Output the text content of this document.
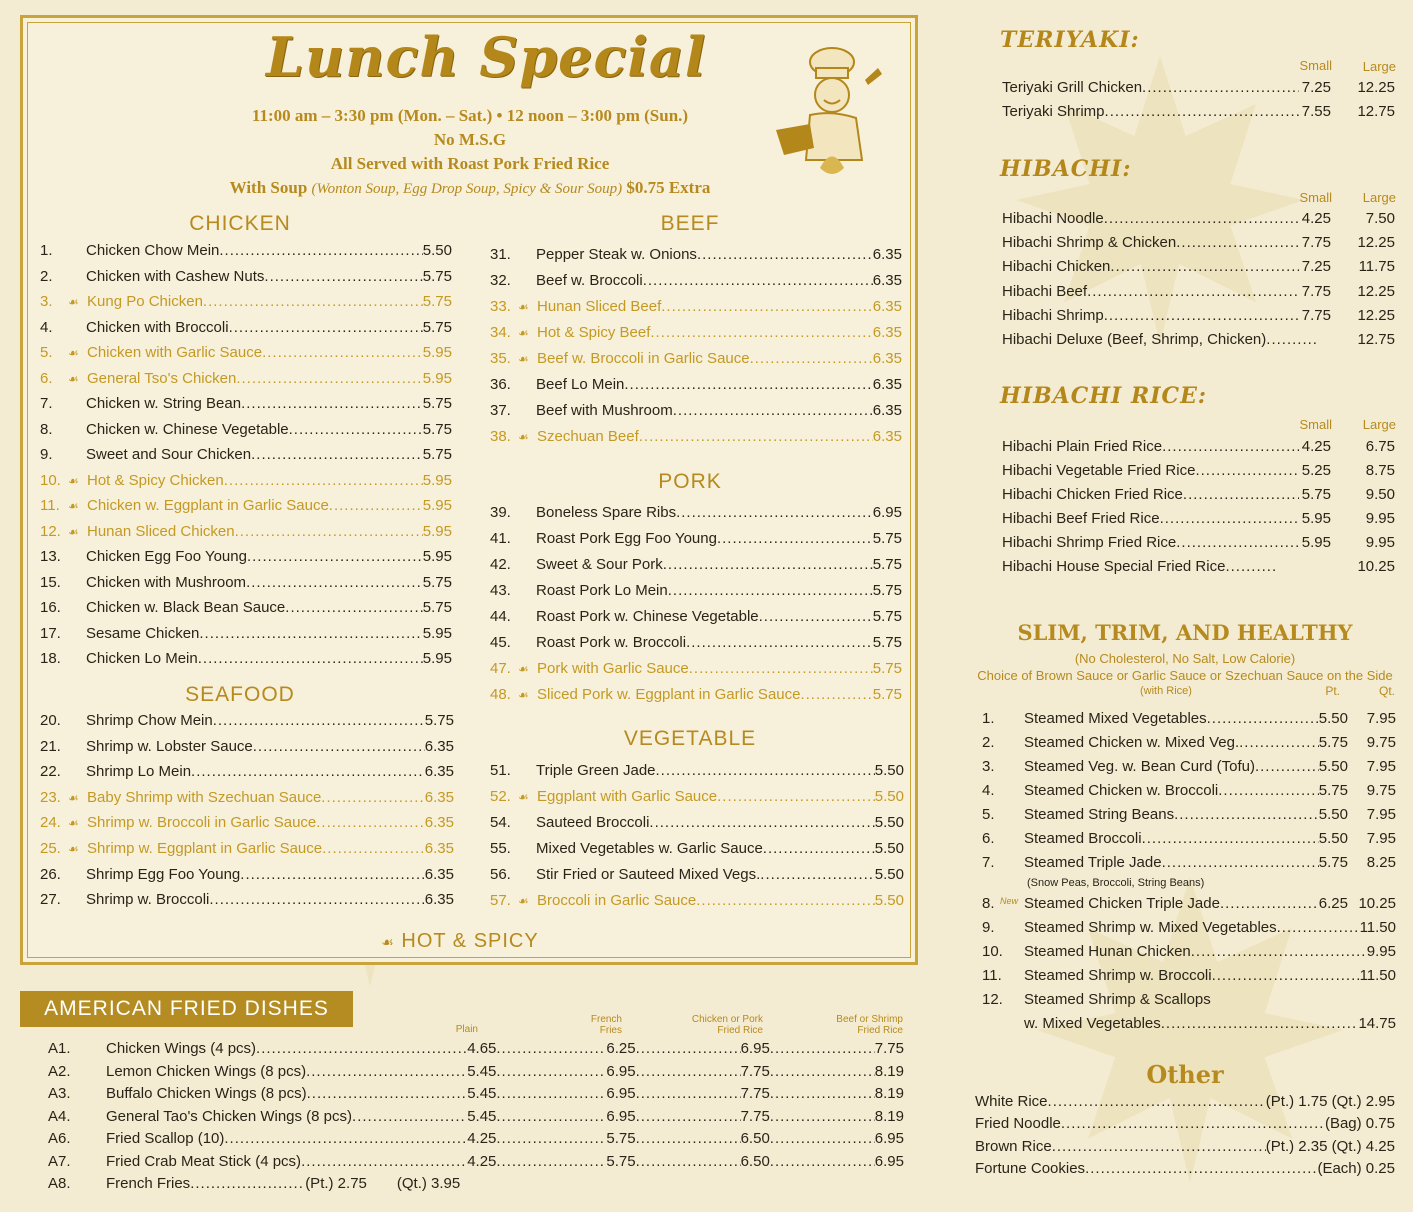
Lunch Special
11:00 am – 3:30 pm (Mon. – Sat.) • 12 noon – 3:00 pm (Sun.)
No M.S.G
All Served with Roast Pork Fried Rice
With Soup (Wonton Soup, Egg Drop Soup, Spicy & Sour Soup) $0.75 Extra
CHICKEN
SEAFOOD
BEEF
PORK
VEGETABLE
1.	Chicken Chow Mein .....	5.50
2.	Chicken with Cashew Nuts .....	5.75
3.	☙ Kung Po Chicken .....	5.75
4.	Chicken with Broccoli .....	5.75
5.	☙ Chicken with Garlic Sauce .....	5.95
6.	☙ General Tso's Chicken .....	5.95
7.	Chicken w. String Bean .....	5.75
8.	Chicken w. Chinese Vegetable .....	5.75
9.	Sweet and Sour Chicken .....	5.75
10. ☙ Hot & Spicy Chicken .....	5.95
11. ☙ Chicken w. Eggplant in Garlic Sauce .....	5.95
12. ☙ Hunan Sliced Chicken .....	5.95
13.	Chicken Egg Foo Young .....	5.95
15.	Chicken with Mushroom .....	5.75
16.	Chicken w. Black Bean Sauce .....	5.75
17.	Sesame Chicken .....	5.95
18.	Chicken Lo Mein .....	5.95
20.	Shrimp Chow Mein .....	5.75
21.	Shrimp w. Lobster Sauce .....	6.35
22.	Shrimp Lo Mein .....	6.35
23. ☙ Baby Shrimp with Szechuan Sauce .....	6.35
24. ☙ Shrimp w. Broccoli in Garlic Sauce .....	6.35
25. ☙ Shrimp w. Eggplant in Garlic Sauce .....	6.35
26.	Shrimp Egg Foo Young .....	6.35
27.	Shrimp w. Broccoli .....	6.35
31.	Pepper Steak w. Onions .....	6.35
32.	Beef w. Broccoli .....	6.35
33. ☙ Hunan Sliced Beef .....	6.35
34. ☙ Hot & Spicy Beef .....	6.35
35. ☙ Beef w. Broccoli in Garlic Sauce .....	6.35
36.	Beef Lo Mein .....	6.35
37.	Beef with Mushroom .....	6.35
38. ☙ Szechuan Beef .....	6.35
39.	Boneless Spare Ribs .....	6.95
41.	Roast Pork Egg Foo Young .....	5.75
42.	Sweet & Sour Pork .....	5.75
43.	Roast Pork Lo Mein .....	5.75
44.	Roast Pork w. Chinese Vegetable .....	5.75
45.	Roast Pork w. Broccoli .....	5.75
47. ☙ Pork with Garlic Sauce .....	5.75
48. ☙ Sliced Pork w. Eggplant in Garlic Sauce .....	5.75
51.	Triple Green Jade .....	5.50
52. ☙ Eggplant with Garlic Sauce .....	5.50
54.	Sauteed Broccoli .....	5.50
55.	Mixed Vegetables w. Garlic Sauce .....	5.50
56.	Stir Fried or Sauteed Mixed Vegs. .....	5.50
57. ☙ Broccoli in Garlic Sauce .....	5.50
☙ HOT & SPICY
AMERICAN FRIED DISHES
Plain
French
Fries
Chicken or Pork
Fried Rice
Beef or Shrimp
Fried Rice
A1.	Chicken Wings (4 pcs) .....	4.65 .....	6.25 .....	6.95 .....	7.75
A2.	Lemon Chicken Wings (8 pcs) .....	5.45 .....	6.95 .....	7.75 .....	8.19
A3.	Buffalo Chicken Wings (8 pcs) .....	5.45 .....	6.95 .....	7.75 .....	8.19
A4.	General Tao's Chicken Wings (8 pcs) .....	5.45 .....	6.95 .....	7.75 .....	8.19
A6.	Fried Scallop (10) .....	4.25 .....	5.75 .....	6.50 .....	6.95
A7.	Fried Crab Meat Stick (4 pcs) .....	4.25 .....	5.75 .....	6.50 .....	6.95
A8.	French Fries .....	(Pt.) 2.75 (Qt.) 3.95
TERIYAKI:
Small	Large
HIBACHI:
Small	Large
HIBACHI RICE:
Small	Large
Teriyaki Grill Chicken .....	7.25	12.25
Teriyaki Shrimp .....	7.55	12.75
Hibachi Noodle .....	4.25	7.50
Hibachi Shrimp & Chicken .....	7.75	12.25
Hibachi Chicken .....	7.25	11.75
Hibachi Beef .....	7.75	12.25
Hibachi Shrimp .....	7.75	12.25
Hibachi Deluxe (Beef, Shrimp, Chicken) .....	12.75
Hibachi Plain Fried Rice .....	4.25	6.75
Hibachi Vegetable Fried Rice .....	5.25	8.75
Hibachi Chicken Fried Rice .....	5.75	9.50
Hibachi Beef Fried Rice .....	5.95	9.95
Hibachi Shrimp Fried Rice .....	5.95	9.95
Hibachi House Special Fried Rice .....	10.25
SLIM, TRIM, AND HEALTHY
(No Cholesterol, No Salt, Low Calorie)
Choice of Brown Sauce or Garlic Sauce or Szechuan Sauce on the Side
(with Rice)	Pt.	Qt.
1.	Steamed Mixed Vegetables .....	5.50	7.95
2.	Steamed Chicken w. Mixed Veg. .....	5.75	9.75
3.	Steamed Veg. w. Bean Curd (Tofu) .....	5.50	7.95
4.	Steamed Chicken w. Broccoli .....	5.75	9.75
5.	Steamed String Beans .....	5.50	7.95
6.	Steamed Broccoli .....	5.50	7.95
7.	Steamed Triple Jade .....	5.75	8.25
8.	Steamed Chicken Triple Jade .....	6.25 10.25
9.	Steamed Shrimp w. Mixed Vegetables .....	11.50
10.	Steamed Hunan Chicken .....	9.95
11.	Steamed Shrimp w. Broccoli .....	11.50
(Snow Peas, Broccoli, String Beans)
New
12.	Steamed Shrimp & Scallops
w. Mixed Vegetables .....	14.75
Other
White Rice .....	(Pt.) 1.75 (Qt.) 2.95
Fried Noodle .....	(Bag) 0.75
Brown Rice .....	(Pt.) 2.35 (Qt.) 4.25
Fortune Cookies .....	(Each) 0.25
